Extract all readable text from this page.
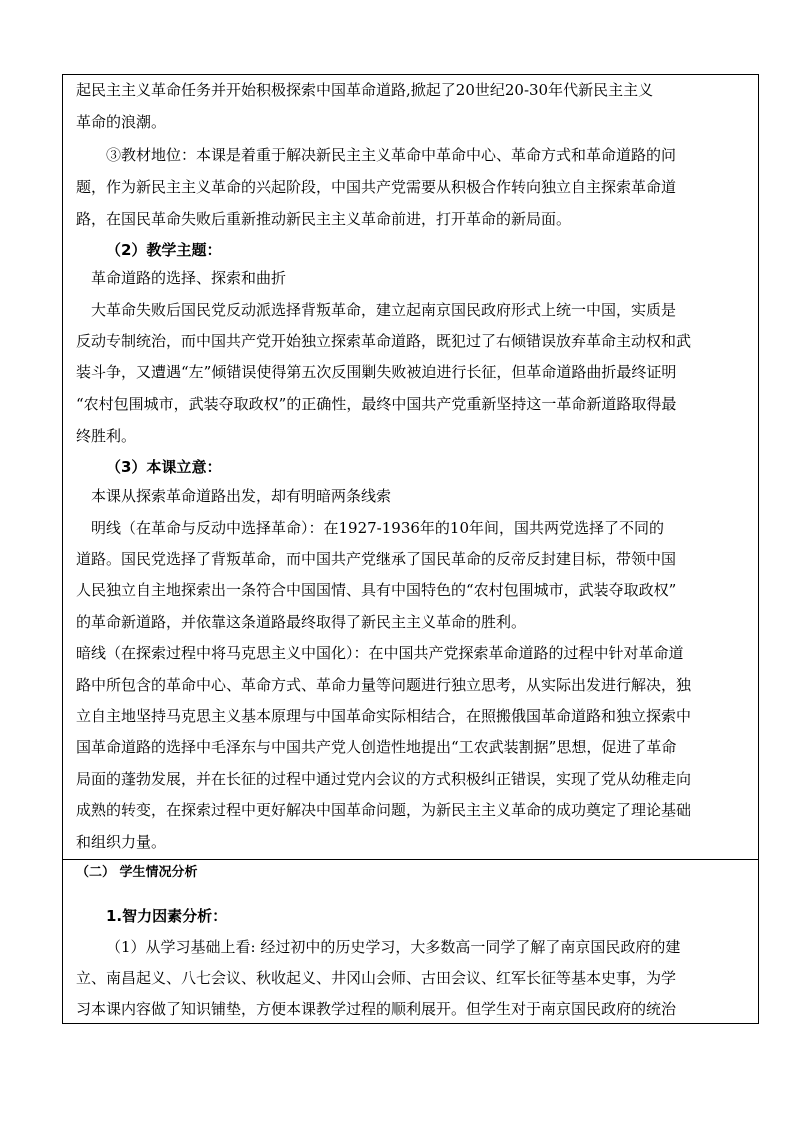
起民主主义革命任务并开始积极探索中国革命道路,掀起了20世纪20-30年代新民主主义
革命的浪潮。
③教材地位：本课是着重于解决新民主主义革命中革命中心、革命方式和革命道路的问
题，作为新民主主义革命的兴起阶段，中国共产党需要从积极合作转向独立自主探索革命道
路，在国民革命失败后重新推动新民主主义革命前进，打开革命的新局面。
（2）教学主题：
革命道路的选择、探索和曲折
大革命失败后国民党反动派选择背叛革命，建立起南京国民政府形式上统一中国，实质是
反动专制统治，而中国共产党开始独立探索革命道路，既犯过了右倾错误放弃革命主动权和武
装斗争，又遭遇“左”倾错误使得第五次反围剿失败被迫进行长征，但革命道路曲折最终证明
“农村包围城市，武装夺取政权”的正确性，最终中国共产党重新坚持这一革命新道路取得最
终胜利。
（3）本课立意：
本课从探索革命道路出发，却有明暗两条线索
明线（在革命与反动中选择革命）：在1927-1936年的10年间，国共两党选择了不同的
道路。国民党选择了背叛革命，而中国共产党继承了国民革命的反帝反封建目标，带领中国
人民独立自主地探索出一条符合中国国情、具有中国特色的“农村包围城市，武装夺取政权”
的革命新道路，并依靠这条道路最终取得了新民主主义革命的胜利。
暗线（在探索过程中将马克思主义中国化）：在中国共产党探索革命道路的过程中针对革命道
路中所包含的革命中心、革命方式、革命力量等问题进行独立思考，从实际出发进行解决，独
立自主地坚持马克思主义基本原理与中国革命实际相结合，在照搬俄国革命道路和独立探索中
国革命道路的选择中毛泽东与中国共产党人创造性地提出“工农武装割据”思想，促进了革命
局面的蓬勃发展，并在长征的过程中通过党内会议的方式积极纠正错误，实现了党从幼稚走向
成熟的转变，在探索过程中更好解决中国革命问题，为新民主主义革命的成功奠定了理论基础
和组织力量。
（二） 学生情况分析
1.智力因素分析：
（1）从学习基础上看: 经过初中的历史学习，大多数高一同学了解了南京国民政府的建
立、南昌起义、八七会议、秋收起义、井冈山会师、古田会议、红军长征等基本史事，为学
习本课内容做了知识铺垫，方便本课教学过程的顺利展开。但学生对于南京国民政府的统治
